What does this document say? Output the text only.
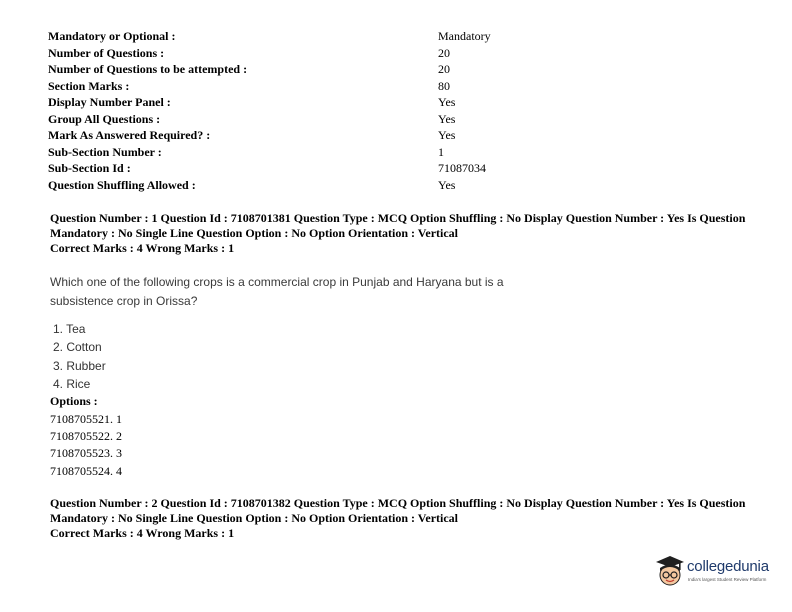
Mandatory or Optional :	Mandatory
Number of Questions :	20
Number of Questions to be attempted :	20
Section Marks :	80
Display Number Panel :	Yes
Group All Questions :	Yes
Mark As Answered Required? :	Yes
Sub-Section Number :	1
Sub-Section Id :	71087034
Question Shuffling Allowed :	Yes

Question Number : 1 Question Id : 7108701381 Question Type : MCQ Option Shuffling : No Display Question Number : Yes Is Question

Mandatory : No Single Line Question Option : No Option Orientation : Vertical

Correct Marks : 4 Wrong Marks : 1

Which one of the following crops is a commercial crop in Punjab and Haryana but is a
subsistence crop in Orissa?
1. Tea
2. Cotton
3. Rubber
4. Rice
Options :
7108705521. 1
7108705522. 2
7108705523. 3
7108705524. 4

Question Number : 2 Question Id : 7108701382 Question Type : MCQ Option Shuffling : No Display Question Number : Yes Is Question

Mandatory : No Single Line Question Option : No Option Orientation : Vertical

Correct Marks : 4 Wrong Marks : 1

collegedunia
India's largest Student Review Platform
